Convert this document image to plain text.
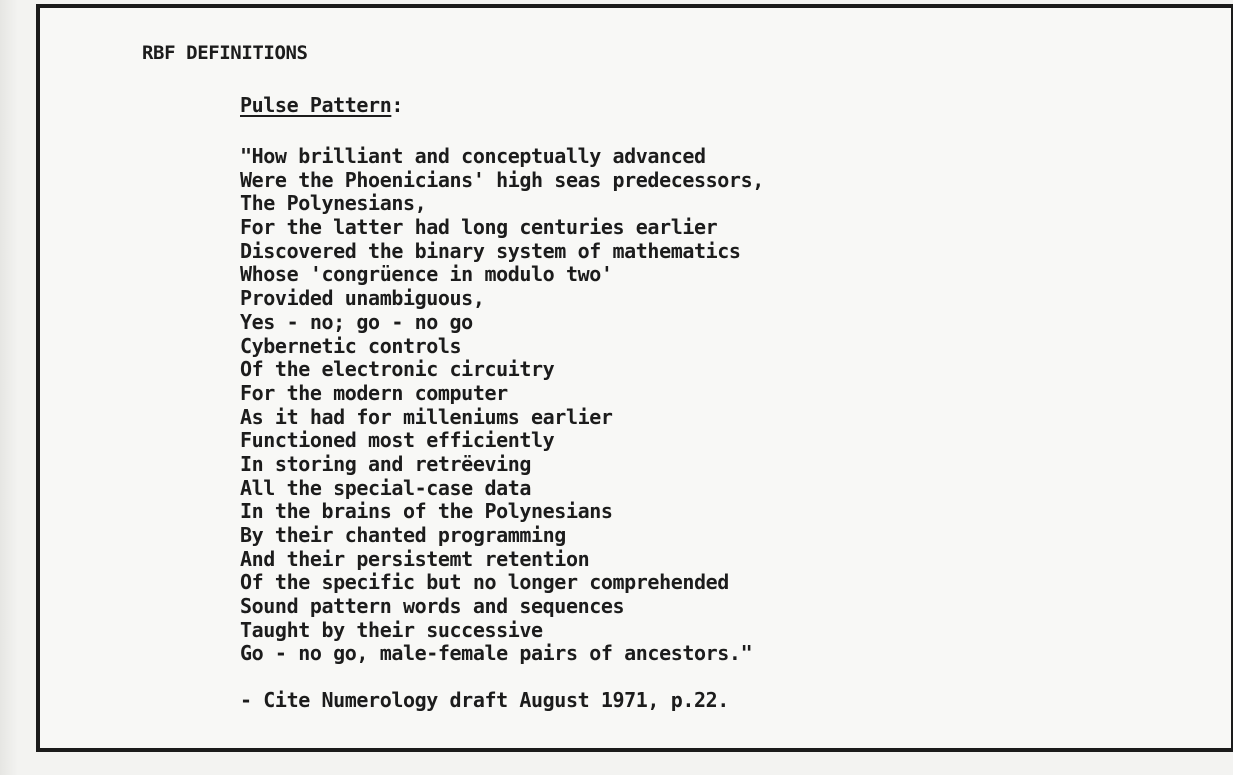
RBF DEFINITIONS
Pulse Pattern:
"How brilliant and conceptually advanced
Were the Phoenicians' high seas predecessors,
The Polynesians,
For the latter had long centuries earlier
Discovered the binary system of mathematics
Whose 'congrüence in modulo two'
Provided unambiguous,
Yes - no; go - no go
Cybernetic controls
Of the electronic circuitry
For the modern computer
As it had for milleniums earlier
Functioned most efficiently
In storing and retrëeving
All the special-case data
In the brains of the Polynesians
By their chanted programming
And their persistemt retention
Of the specific but no longer comprehended
Sound pattern words and sequences
Taught by their successive
Go - no go, male-female pairs of ancestors."
- Cite Numerology draft August 1971, p.22.
